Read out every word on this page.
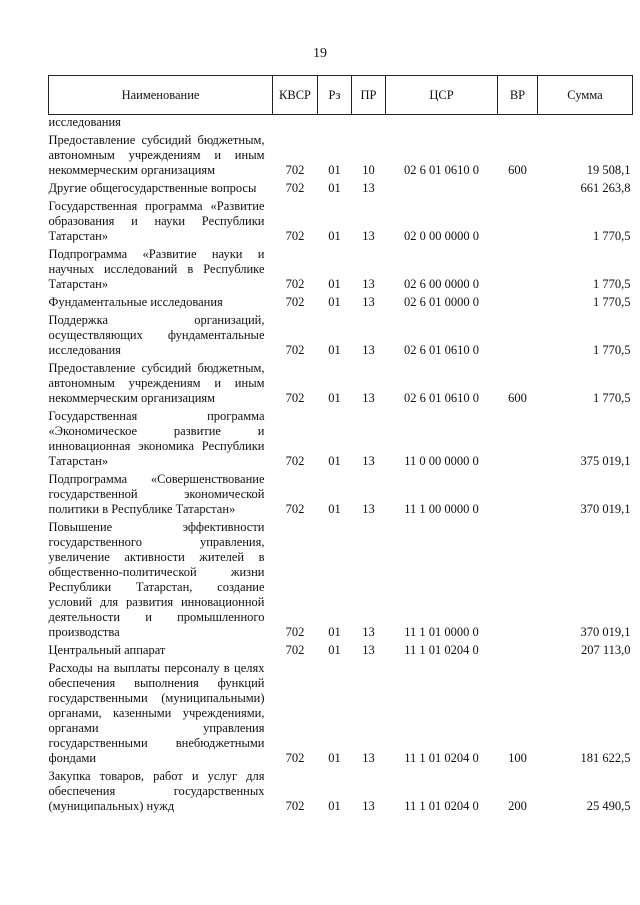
19
Наименование	КВСР	Рз	ПР	ЦСР	ВР	Сумма
исследования						
Предоставление субсидий бюджетным, автономным учреждениям и иным некоммерческим организациям	702	01	10	02 6 01 0610 0	600	19 508,1
Другие общегосударственные вопросы	702	01	13			661 263,8
Государственная программа «Развитие образования и науки Республики Татарстан»	702	01	13	02 0 00 0000 0		1 770,5
Подпрограмма «Развитие науки и научных исследований в Республике Татарстан»	702	01	13	02 6 00 0000 0		1 770,5
Фундаментальные исследования	702	01	13	02 6 01 0000 0		1 770,5
Поддержка организаций, осуществляющих фундаментальные исследования	702	01	13	02 6 01 0610 0		1 770,5
Предоставление субсидий бюджетным, автономным учреждениям и иным некоммерческим организациям	702	01	13	02 6 01 0610 0	600	1 770,5
Государственная программа «Экономическое развитие и инновационная экономика Республики Татарстан»	702	01	13	11 0 00 0000 0		375 019,1
Подпрограмма «Совершенствование государственной экономической политики в Республике Татарстан»	702	01	13	11 1 00 0000 0		370 019,1
Повышение эффективности государственного управления, увеличение активности жителей в общественно-политической жизни Республики Татарстан, создание условий для развития инновационной деятельности и промышленного производства	702	01	13	11 1 01 0000 0		370 019,1
Центральный аппарат	702	01	13	11 1 01 0204 0		207 113,0
Расходы на выплаты персоналу в целях обеспечения выполнения функций государственными (муниципальными) органами, казенными учреждениями, органами управления государственными внебюджетными фондами	702	01	13	11 1 01 0204 0	100	181 622,5
Закупка товаров, работ и услуг для обеспечения государственных (муниципальных) нужд	702	01	13	11 1 01 0204 0	200	25 490,5
